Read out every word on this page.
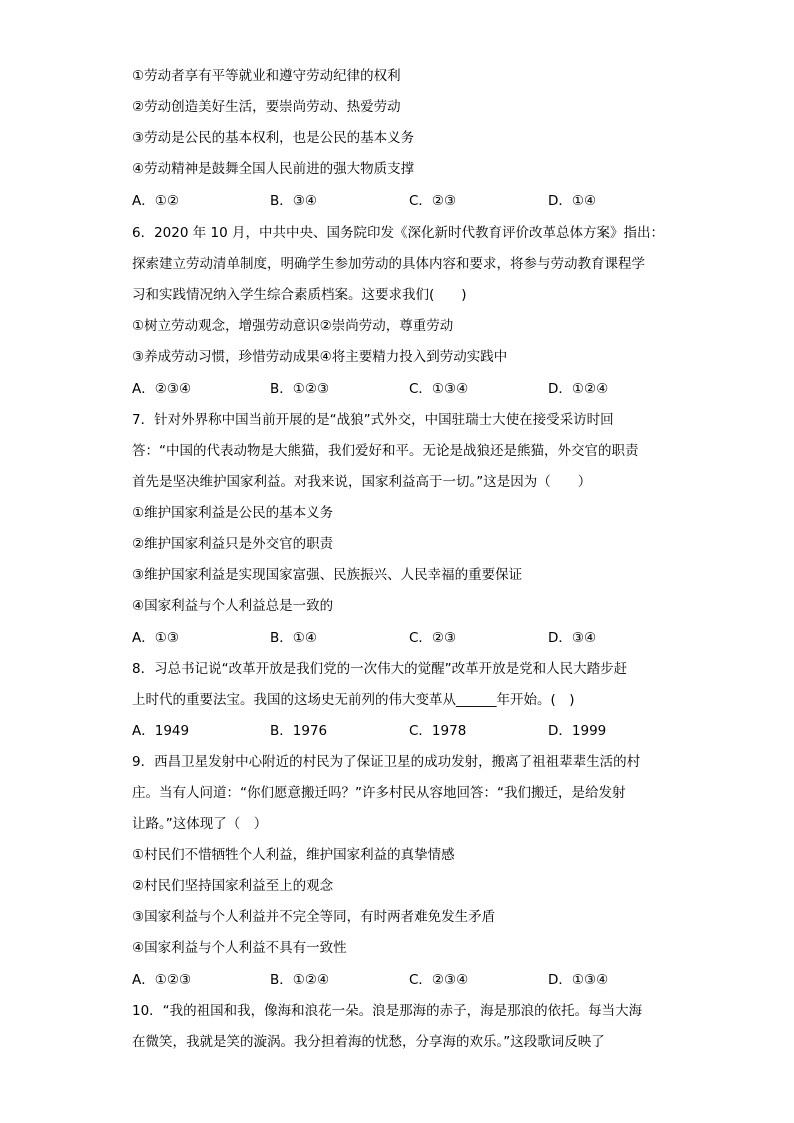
①劳动者享有平等就业和遵守劳动纪律的权利
②劳动创造美好生活，要崇尚劳动、热爱劳动
③劳动是公民的基本权利，也是公民的基本义务
④劳动精神是鼓舞全国人民前进的强大物质支撑
A．①②	B．③④	C．②③	D．①④
6．2020 年 10 月，中共中央、国务院印发《深化新时代教育评价改革总体方案》指出：
探索建立劳动清单制度，明确学生参加劳动的具体内容和要求，将参与劳动教育课程学
习和实践情况纳入学生综合素质档案。这要求我们(　　)
①树立劳动观念，增强劳动意识②崇尚劳动，尊重劳动
③养成劳动习惯，珍惜劳动成果④将主要精力投入到劳动实践中
A．②③④	B．①②③	C．①③④	D．①②④
7．针对外界称中国当前开展的是“战狼”式外交，中国驻瑞士大使在接受采访时回
答：“中国的代表动物是大熊猫，我们爱好和平。无论是战狼还是熊猫，外交官的职责
首先是坚决维护国家利益。对我来说，国家利益高于一切。”这是因为（　　）
①维护国家利益是公民的基本义务
②维护国家利益只是外交官的职责
③维护国家利益是实现国家富强、民族振兴、人民幸福的重要保证
④国家利益与个人利益总是一致的
A．①③	B．①④	C．②③	D．③④
8．习总书记说“改革开放是我们党的一次伟大的觉醒”改革开放是党和人民大踏步赶
上时代的重要法宝。我国的这场史无前列的伟大变革从______年开始。(　)
A．1949	B．1976	C．1978	D．1999
9．西昌卫星发射中心附近的村民为了保证卫星的成功发射，搬离了祖祖辈辈生活的村
庄。当有人问道：“你们愿意搬迁吗？”许多村民从容地回答：“我们搬迁，是给发射
让路。”这体现了（　）
①村民们不惜牺牲个人利益，维护国家利益的真挚情感
②村民们坚持国家利益至上的观念
③国家利益与个人利益并不完全等同，有时两者难免发生矛盾
④国家利益与个人利益不具有一致性
A．①②③	B．①②④	C．②③④	D．①③④
10．“我的祖国和我，像海和浪花一朵。浪是那海的赤子，海是那浪的依托。每当大海
在微笑，我就是笑的漩涡。我分担着海的忧愁，分享海的欢乐。”这段歌词反映了
